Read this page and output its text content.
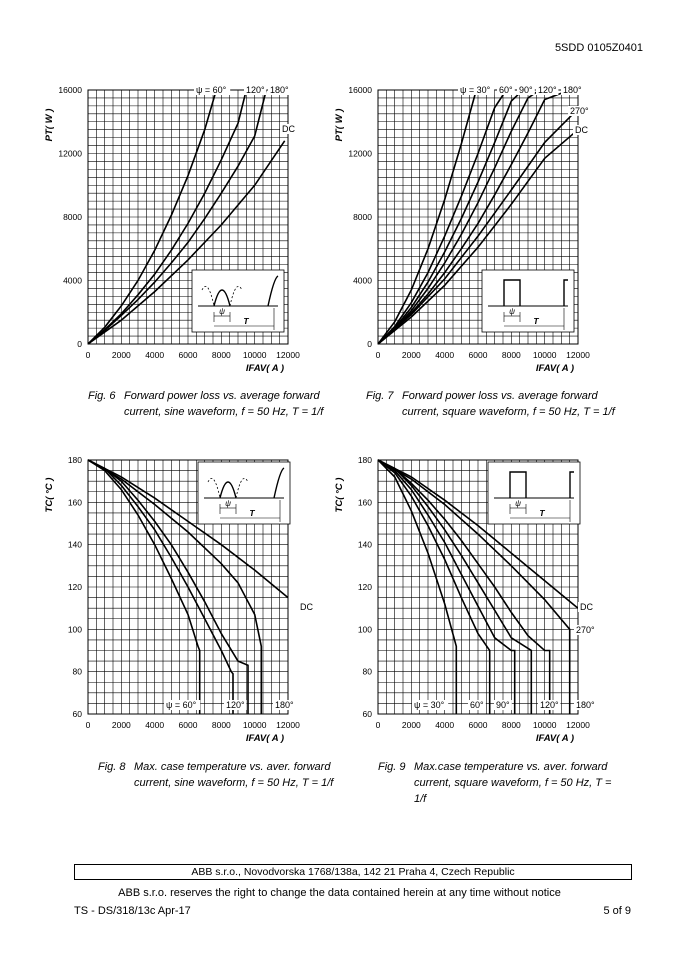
5SDD 0105Z0401
0	2000 4000 6000 8000 10000 12000
0
4000
8000
12000
16000
IFAV( A )
PT( W )
ψ
T
ψ = 60° 120° 180°
DC
0	2000 4000 6000 8000 10000 12000
0
4000
8000
12000
16000
IFAV( A )
PT( W )
ψ
T
ψ = 30° 60° 90° 120° 180°
270°
DC
0	2000 4000 6000 8000 10000 12000
60
80
100
120
140
160
180
IFAV( A )
TC( °C )	ψ
T
ψ = 60°	120°	180°
DC
0	2000 4000 6000 8000 10000 12000
60
80
100
120
140
160
180
IFAV( A )
TC( °C )	ψ
T
ψ = 30°	60° 90°	120° 180°
270°
DC
Fig. 6 Forward power loss vs. average forward
current, sine waveform, f = 50 Hz, T = 1/f
Fig. 7 Forward power loss vs. average forward
current, square waveform, f = 50 Hz, T = 1/f
Fig. 8 Max. case temperature vs. aver. forward
current, sine waveform, f = 50 Hz, T = 1/f
Fig. 9 Max.case temperature vs. aver. forward
current, square waveform, f = 50 Hz, T =
1/f
ABB s.r.o., Novodvorska 1768/138a, 142 21 Praha 4, Czech Republic
ABB s.r.o. reserves the right to change the data contained herein at any time without notice
TS - DS/318/13c Apr-17	5 of 9
